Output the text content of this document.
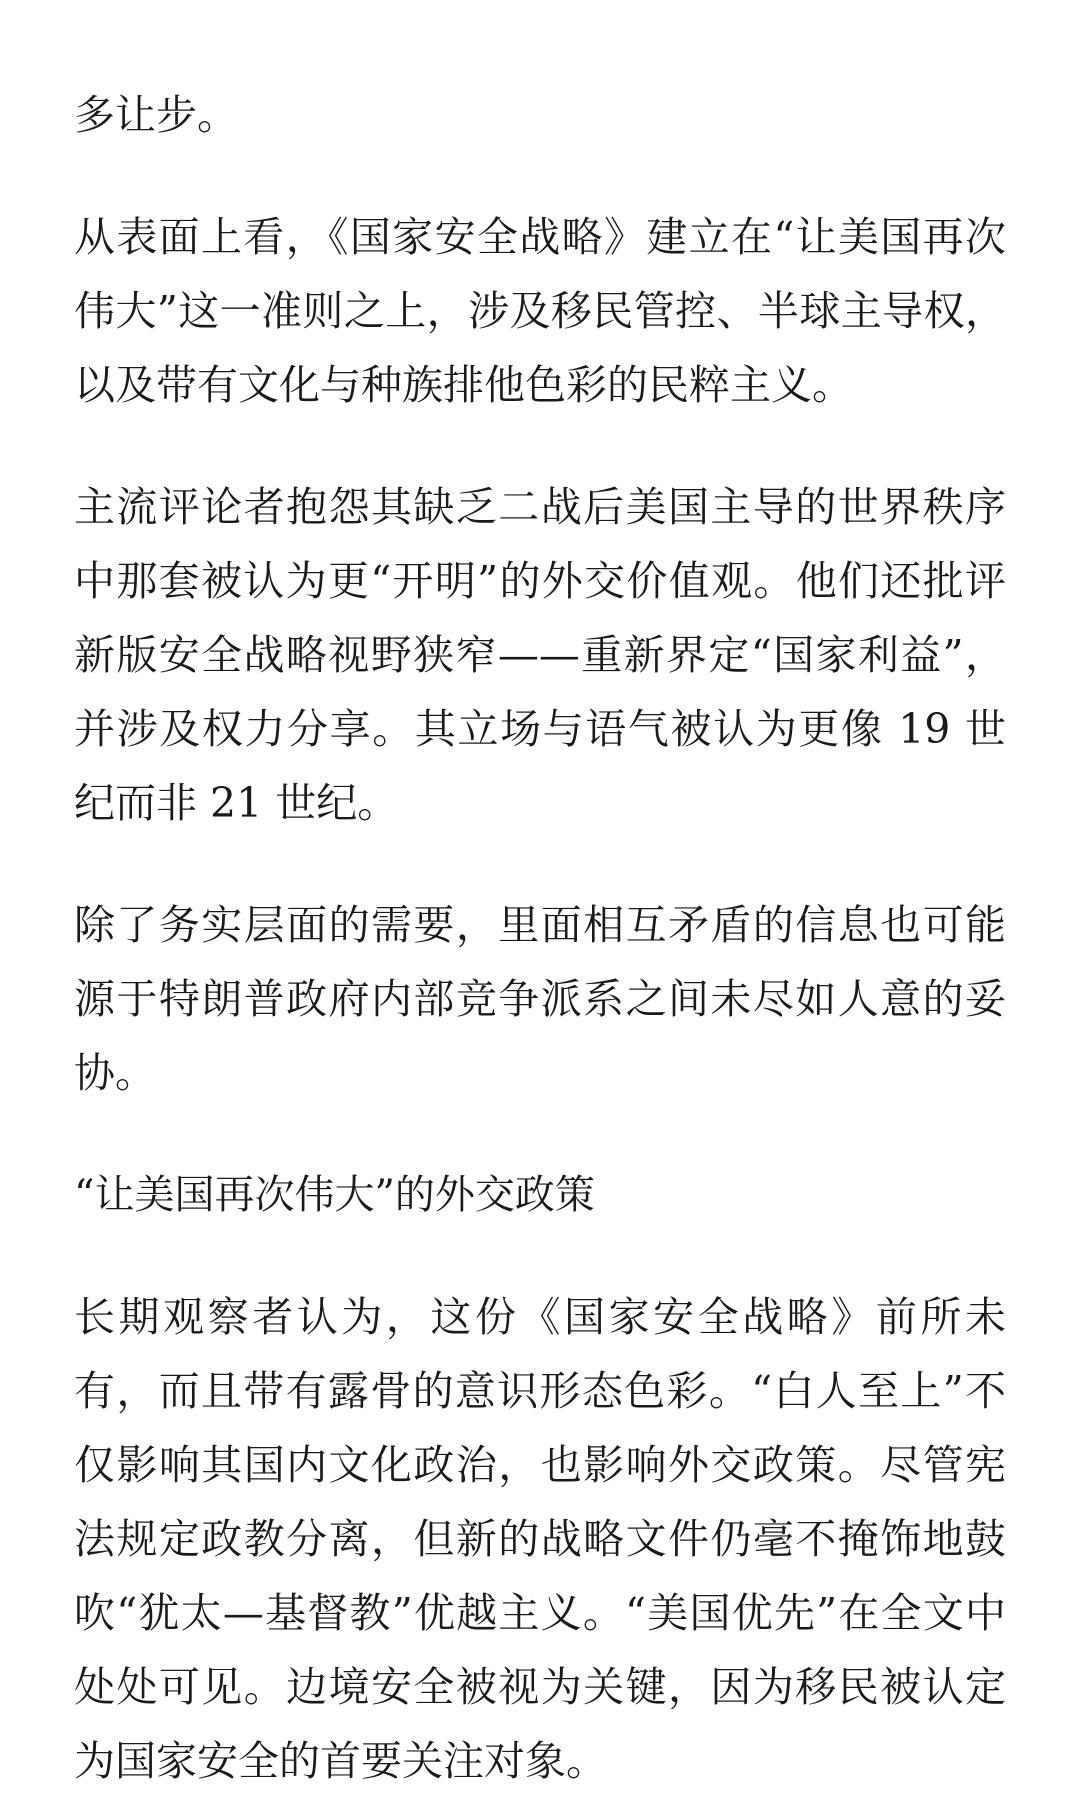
多让步。

从表面上看，《国家安全战略》建立在“让美国再次伟大”这一准则之上，涉及移民管控、半球主导权，以及带有文化与种族排他色彩的民粹主义。

主流评论者抱怨其缺乏二战后美国主导的世界秩序中那套被认为更“开明”的外交价值观。他们还批评新版安全战略视野狭窄——重新界定“国家利益”，并涉及权力分享。其立场与语气被认为更像 19 世纪而非 21 世纪。

除了务实层面的需要，里面相互矛盾的信息也可能源于特朗普政府内部竞争派系之间未尽如人意的妥协。

“让美国再次伟大”的外交政策

长期观察者认为，这份《国家安全战略》前所未有，而且带有露骨的意识形态色彩。“白人至上”不仅影响其国内文化政治，也影响外交政策。尽管宪法规定政教分离，但新的战略文件仍毫不掩饰地鼓吹“犹太—基督教”优越主义。“美国优先”在全文中处处可见。边境安全被视为关键，因为移民被认定为国家安全的首要关注对象。
